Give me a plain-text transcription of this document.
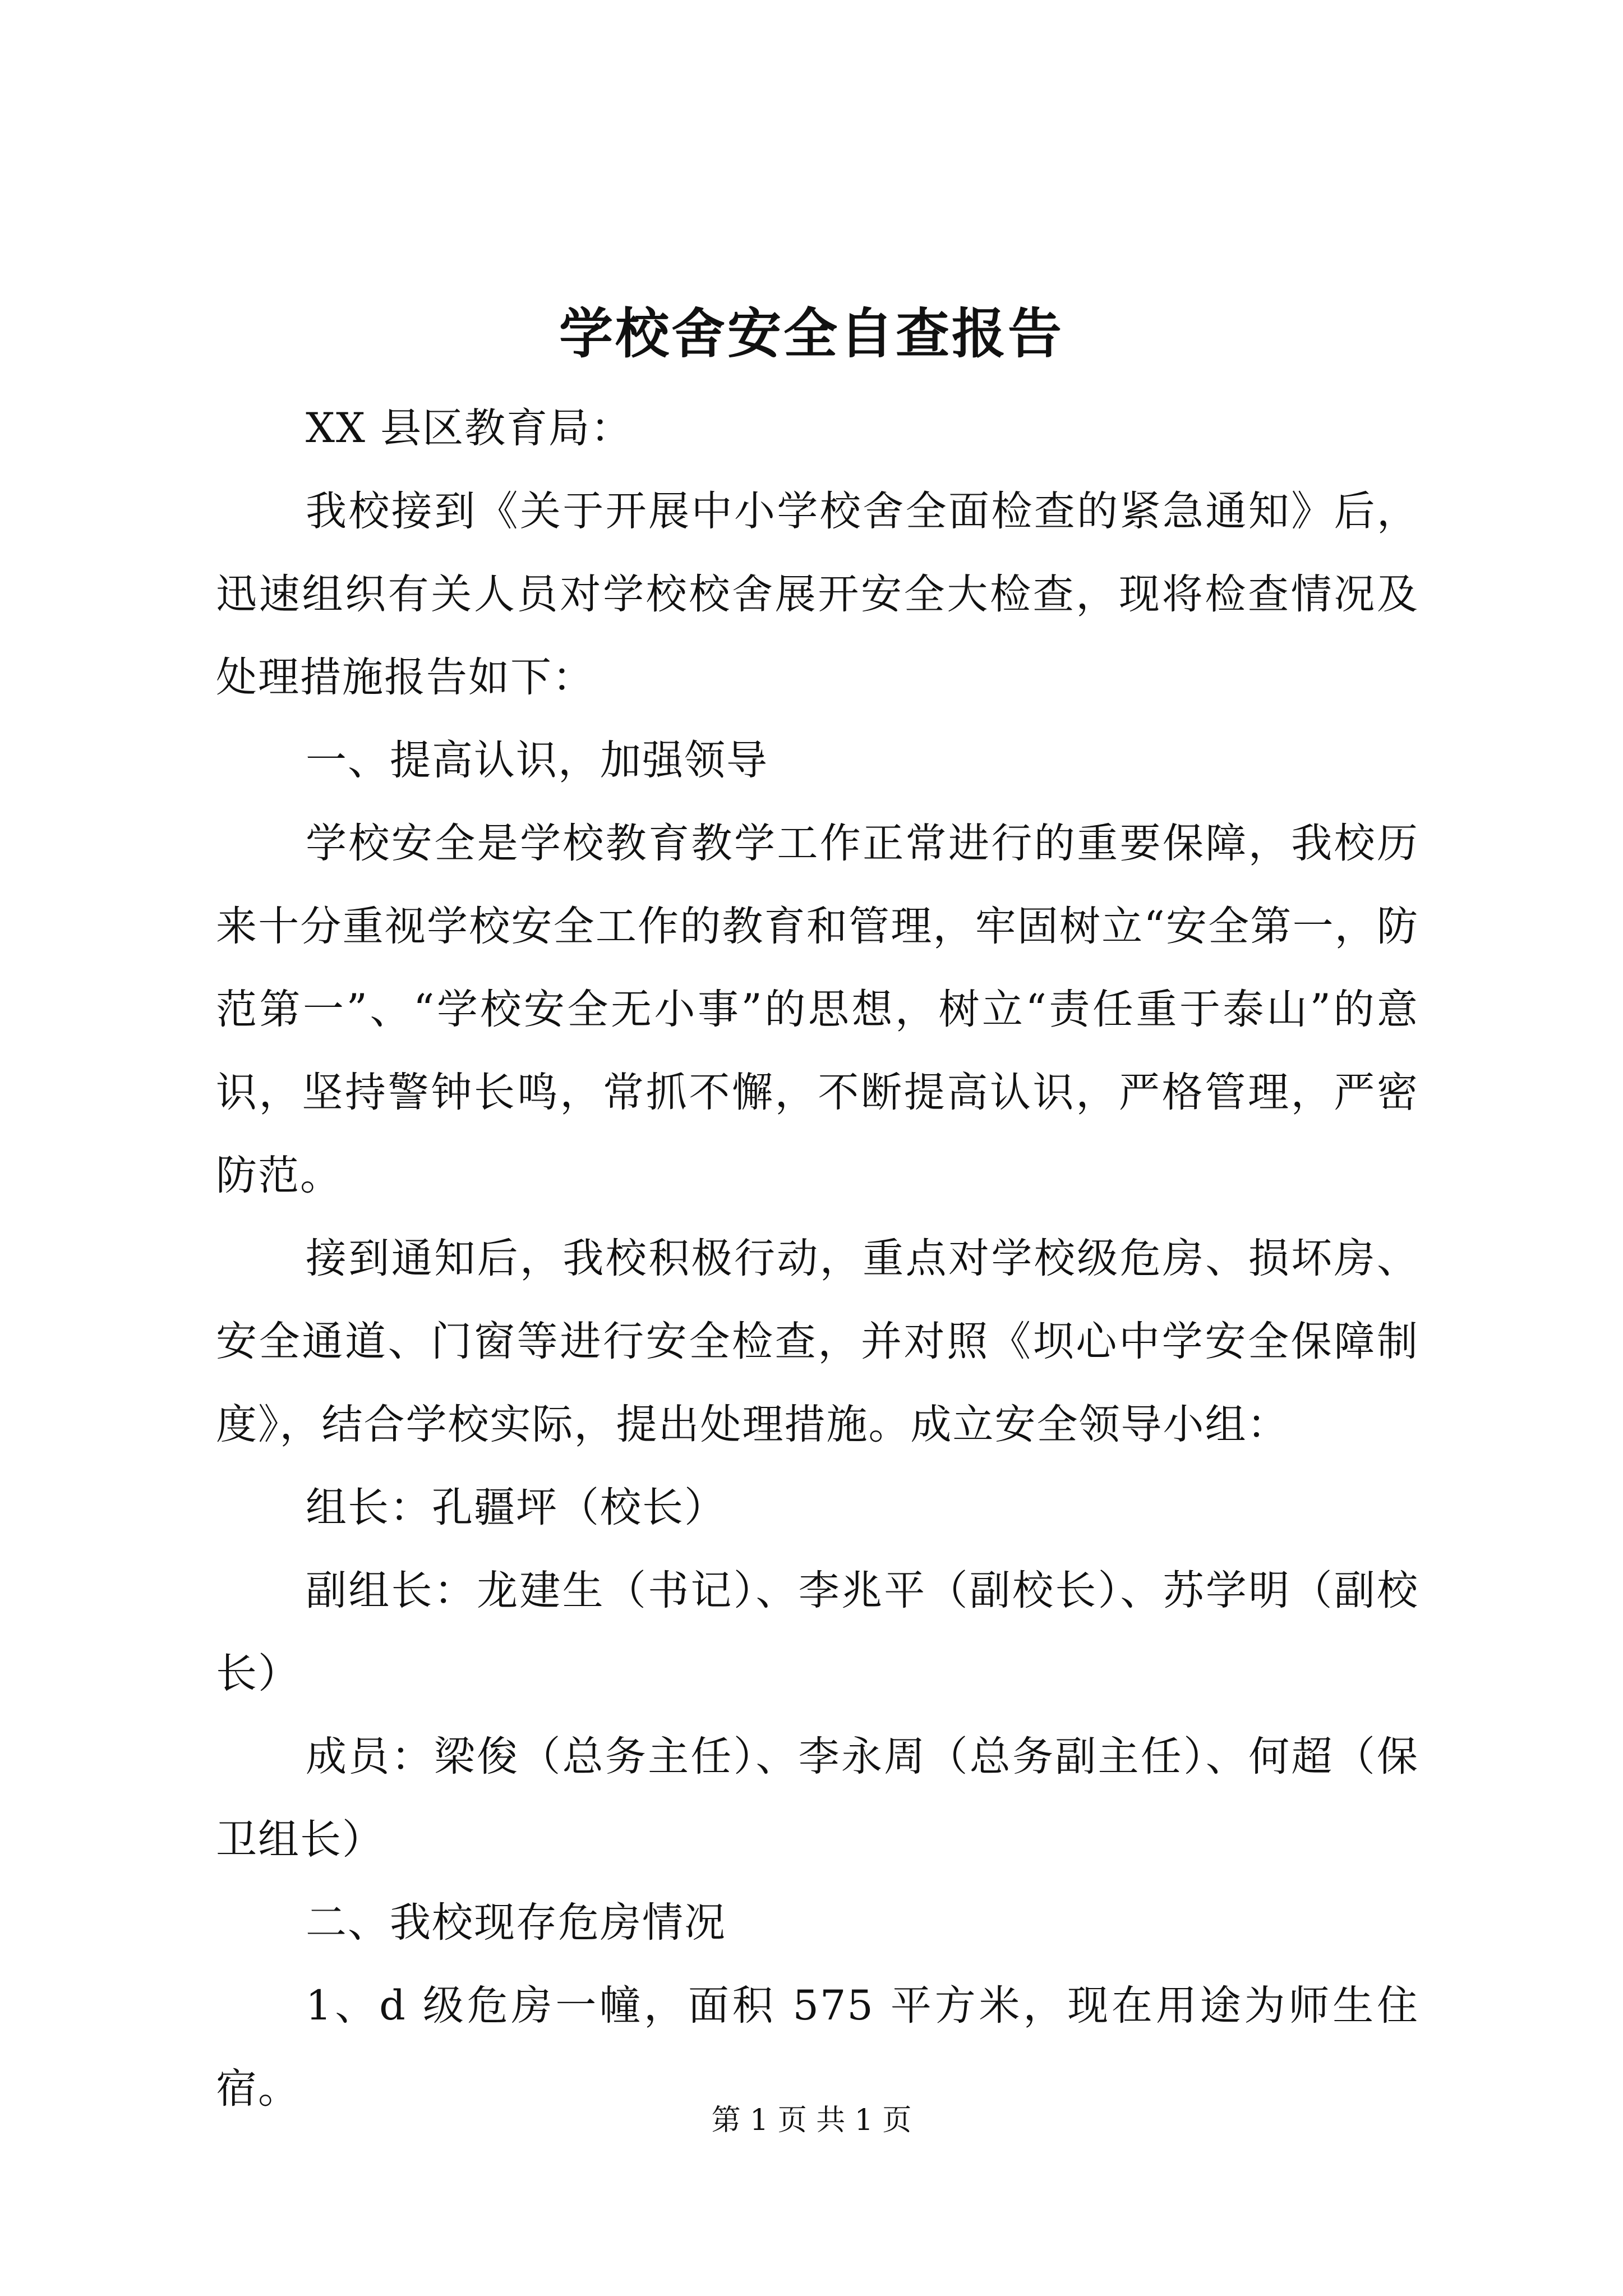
学校舍安全自查报告

XX 县区教育局：

我校接到《关于开展中小学校舍全面检查的紧急通知》后，迅速组织有关人员对学校校舍展开安全大检查，现将检查情况及处理措施报告如下：

一、提高认识，加强领导

学校安全是学校教育教学工作正常进行的重要保障，我校历来十分重视学校安全工作的教育和管理，牢固树立“安全第一，防范第一”、“学校安全无小事”的思想，树立“责任重于泰山”的意识，坚持警钟长鸣，常抓不懈，不断提高认识，严格管理，严密防范。

接到通知后，我校积极行动，重点对学校级危房、损坏房、安全通道、门窗等进行安全检查，并对照《坝心中学安全保障制度》，结合学校实际，提出处理措施。成立安全领导小组：

组长：孔疆坪（校长）

副组长：龙建生（书记）、李兆平（副校长）、苏学明（副校长）

成员：梁俊（总务主任）、李永周（总务副主任）、何超（保卫组长）

二、我校现存危房情况

1、d 级危房一幢，面积 575 平方米，现在用途为师生住宿。

第 1 页 共 1 页
